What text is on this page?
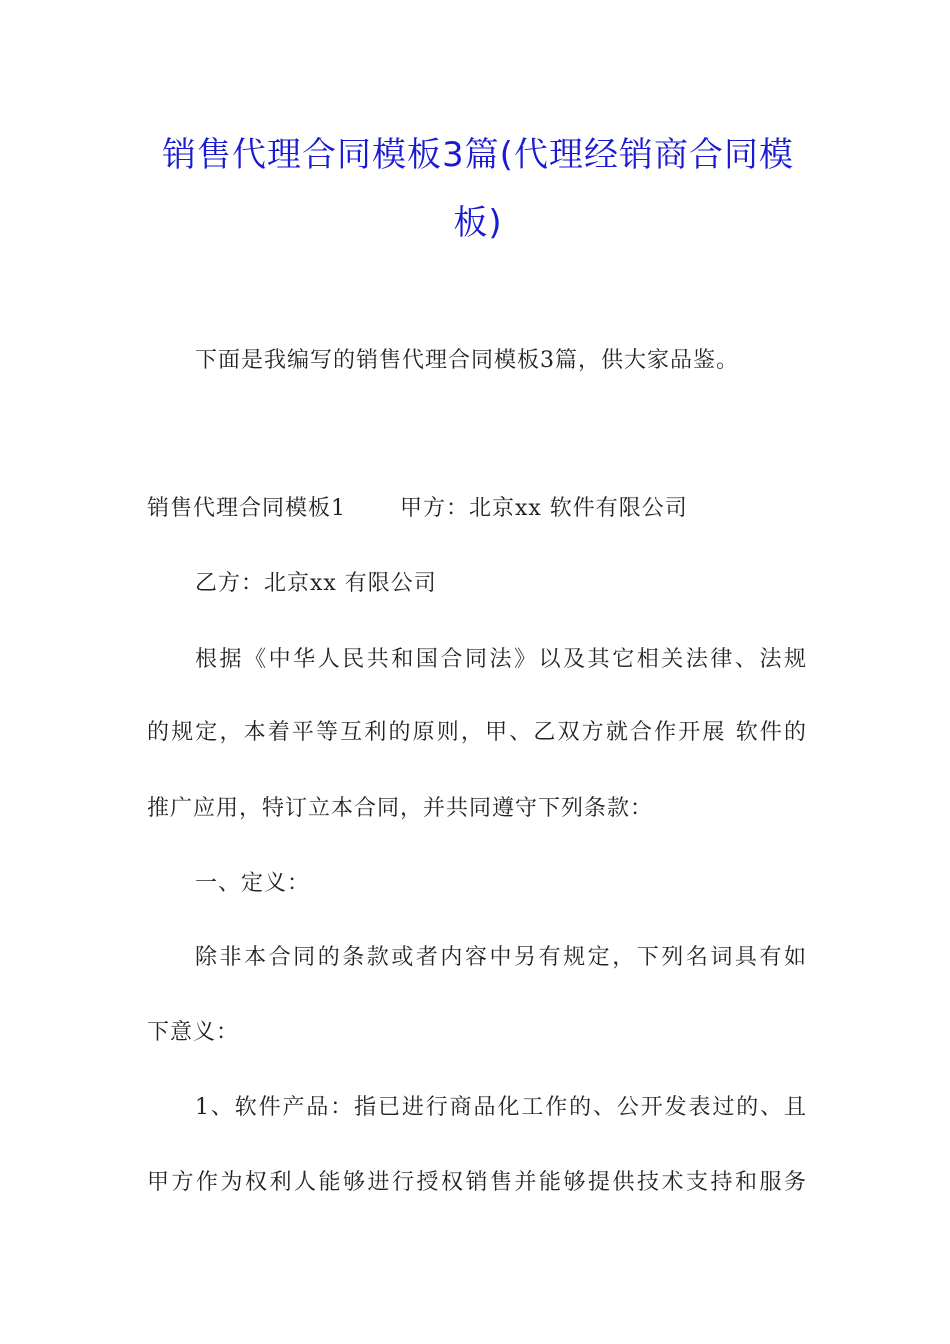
销售代理合同模板3篇(代理经销商合同模
板)
下面是我编写的销售代理合同模板3篇，供大家品鉴。
销售代理合同模板1　　 甲方：北京xx 软件有限公司
乙方：北京xx 有限公司
根据《中华人民共和国合同法》以及其它相关法律、法规
的规定，本着平等互利的原则，甲、乙双方就合作开展 软件的
推广应用，特订立本合同，并共同遵守下列条款：
一、定义：
除非本合同的条款或者内容中另有规定，下列名词具有如
下意义：
1、软件产品：指已进行商品化工作的、公开发表过的、且
甲方作为权利人能够进行授权销售并能够提供技术支持和服务
